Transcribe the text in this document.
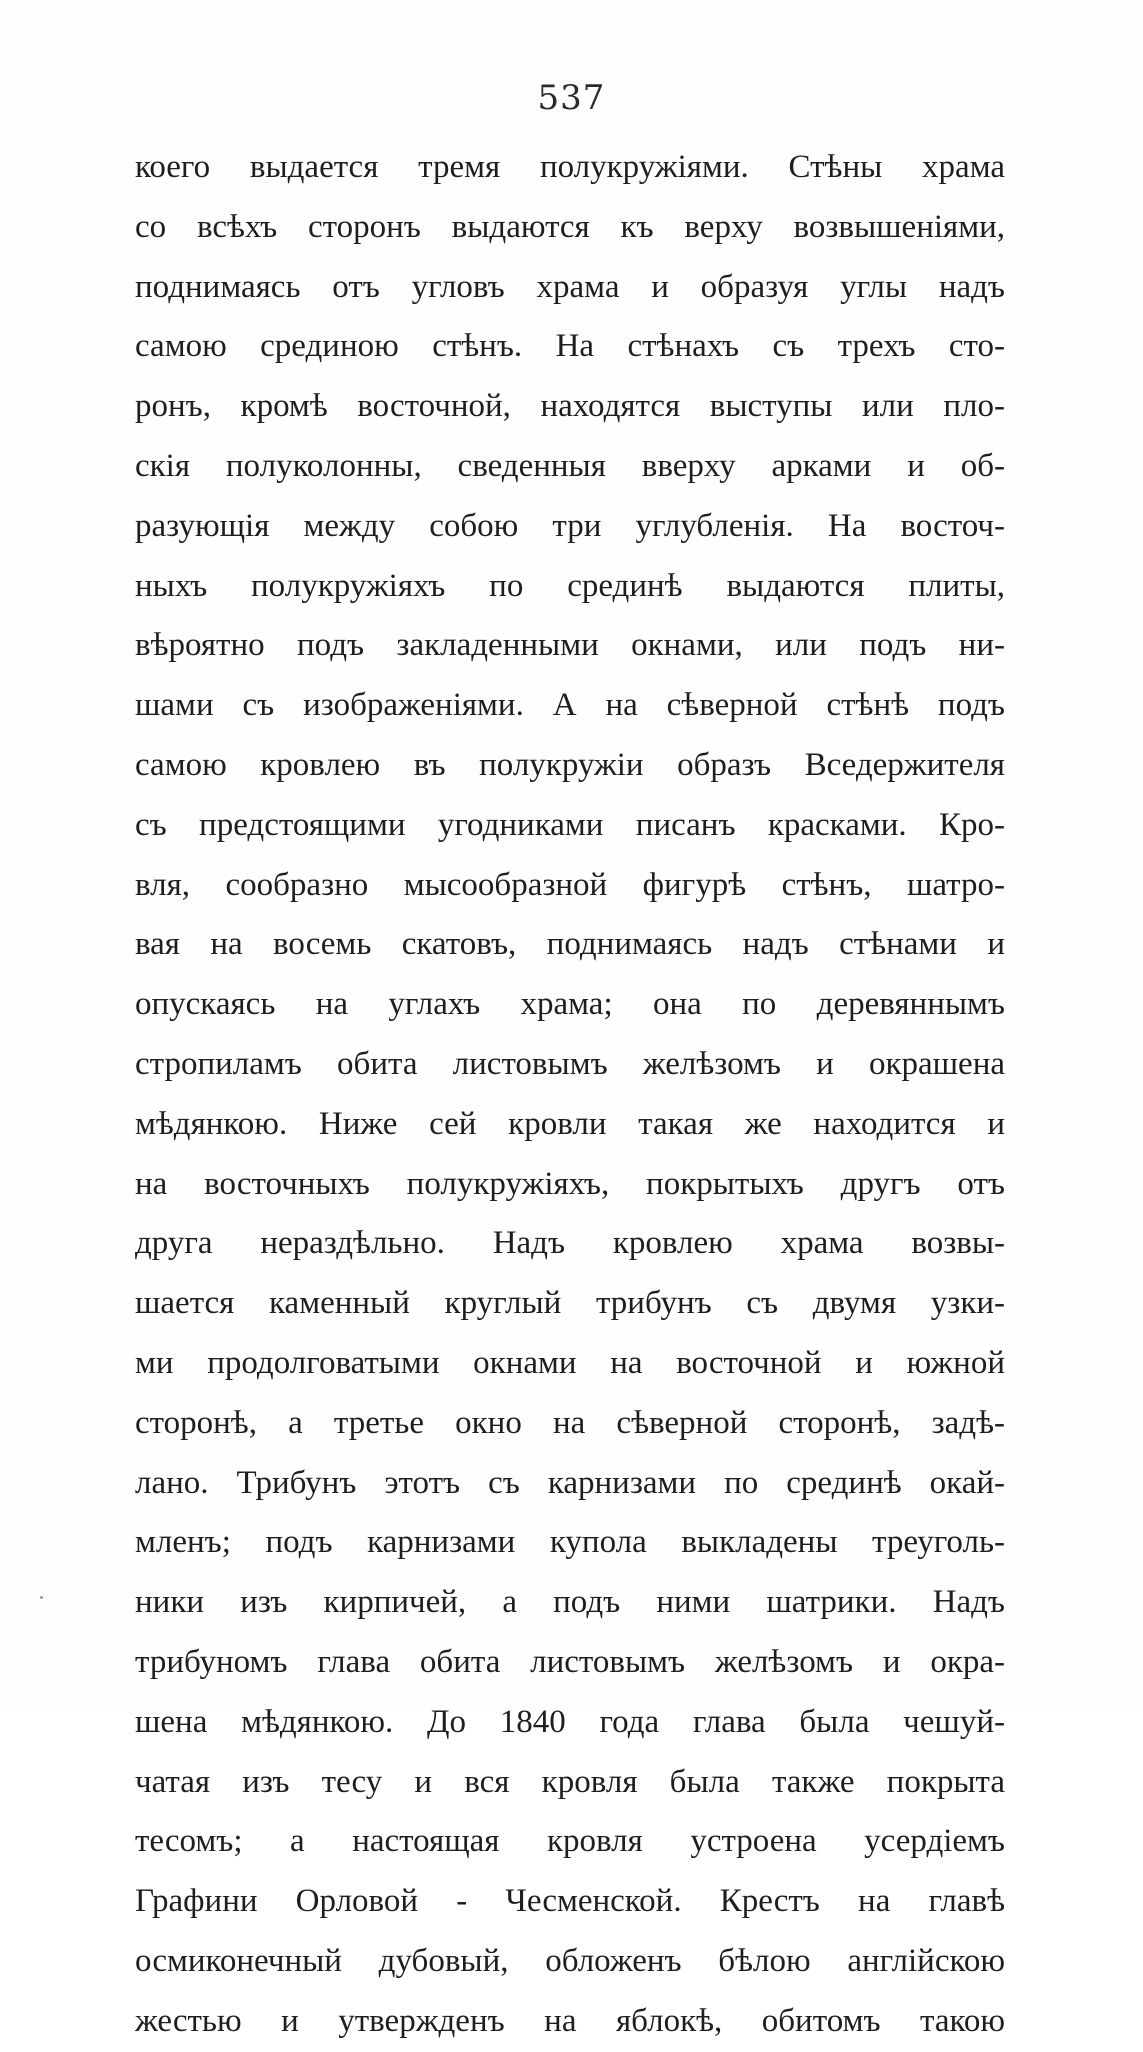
537
коего выдается тремя полукружіями. Стѣны храма
со всѣхъ сторонъ выдаются къ верху возвышеніями,
поднимаясь отъ угловъ храма и образуя углы надъ
самою срединою стѣнъ. На стѣнахъ съ трехъ сто-
ронъ, кромѣ восточной, находятся выступы или пло-
скія полуколонны, сведенныя вверху арками и об-
разующія между собою три углубленія. На восточ-
ныхъ полукружіяхъ по срединѣ выдаются плиты,
вѣроятно подъ закладенными окнами, или подъ ни-
шами съ изображеніями. А на сѣверной стѣнѣ подъ
самою кровлею въ полукружіи образъ Вседержителя
съ предстоящими угодниками писанъ красками. Кро-
вля, сообразно мысообразной фигурѣ стѣнъ, шатро-
вая на восемь скатовъ, поднимаясь надъ стѣнами и
опускаясь на углахъ храма; она по деревяннымъ
стропиламъ обита листовымъ желѣзомъ и окрашена
мѣдянкою. Ниже сей кровли такая же находится и
на восточныхъ полукружіяхъ, покрытыхъ другъ отъ
друга нераздѣльно. Надъ кровлею храма возвы-
шается каменный круглый трибунъ съ двумя узки-
ми продолговатыми окнами на восточной и южной
сторонѣ, а третье окно на сѣверной сторонѣ, задѣ-
лано. Трибунъ этотъ съ карнизами по срединѣ окай-
мленъ; подъ карнизами купола выкладены треуголь-
ники изъ кирпичей, а подъ ними шатрики. Надъ
трибуномъ глава обита листовымъ желѣзомъ и окра-
шена мѣдянкою. До 1840 года глава была чешуй-
чатая изъ тесу и вся кровля была также покрыта
тесомъ; а настоящая кровля устроена усердіемъ
Графини Орловой - Чесменской. Крестъ на главѣ
осмиконечный дубовый, обложенъ бѣлою англійскою
жестью и утвержденъ на яблокѣ, обитомъ такою
